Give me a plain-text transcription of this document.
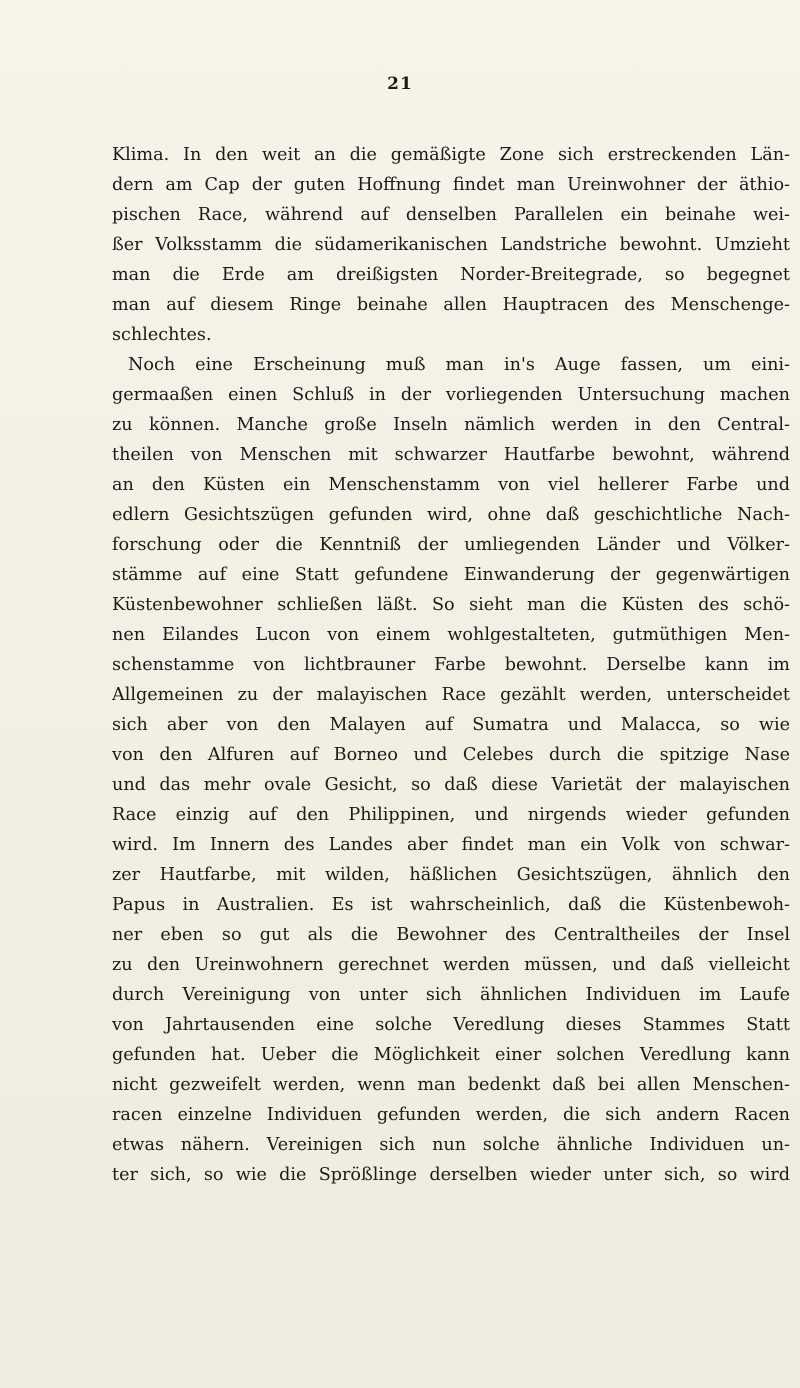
21
Klima. In den weit an die gemäßigte Zone sich erstreckenden Län-
dern am Cap der guten Hoffnung findet man Ureinwohner der äthio-
pischen Race, während auf denselben Parallelen ein beinahe wei-
ßer Volksstamm die südamerikanischen Landstriche bewohnt. Umzieht
man die Erde am dreißigsten Norder-Breitegrade, so begegnet
man auf diesem Ringe beinahe allen Hauptracen des Menschenge-
schlechtes.
Noch eine Erscheinung muß man in's Auge fassen, um eini-
germaaßen einen Schluß in der vorliegenden Untersuchung machen
zu können. Manche große Inseln nämlich werden in den Central-
theilen von Menschen mit schwarzer Hautfarbe bewohnt, während
an den Küsten ein Menschenstamm von viel hellerer Farbe und
edlern Gesichtszügen gefunden wird, ohne daß geschichtliche Nach-
forschung oder die Kenntniß der umliegenden Länder und Völker-
stämme auf eine Statt gefundene Einwanderung der gegenwärtigen
Küstenbewohner schließen läßt. So sieht man die Küsten des schö-
nen Eilandes Lucon von einem wohlgestalteten, gutmüthigen Men-
schenstamme von lichtbrauner Farbe bewohnt. Derselbe kann im
Allgemeinen zu der malayischen Race gezählt werden, unterscheidet
sich aber von den Malayen auf Sumatra und Malacca, so wie
von den Alfuren auf Borneo und Celebes durch die spitzige Nase
und das mehr ovale Gesicht, so daß diese Varietät der malayischen
Race einzig auf den Philippinen, und nirgends wieder gefunden
wird. Im Innern des Landes aber findet man ein Volk von schwar-
zer Hautfarbe, mit wilden, häßlichen Gesichtszügen, ähnlich den
Papus in Australien. Es ist wahrscheinlich, daß die Küstenbewoh-
ner eben so gut als die Bewohner des Centraltheiles der Insel
zu den Ureinwohnern gerechnet werden müssen, und daß vielleicht
durch Vereinigung von unter sich ähnlichen Individuen im Laufe
von Jahrtausenden eine solche Veredlung dieses Stammes Statt
gefunden hat. Ueber die Möglichkeit einer solchen Veredlung kann
nicht gezweifelt werden, wenn man bedenkt daß bei allen Menschen-
racen einzelne Individuen gefunden werden, die sich andern Racen
etwas nähern. Vereinigen sich nun solche ähnliche Individuen un-
ter sich, so wie die Sprößlinge derselben wieder unter sich, so wird
